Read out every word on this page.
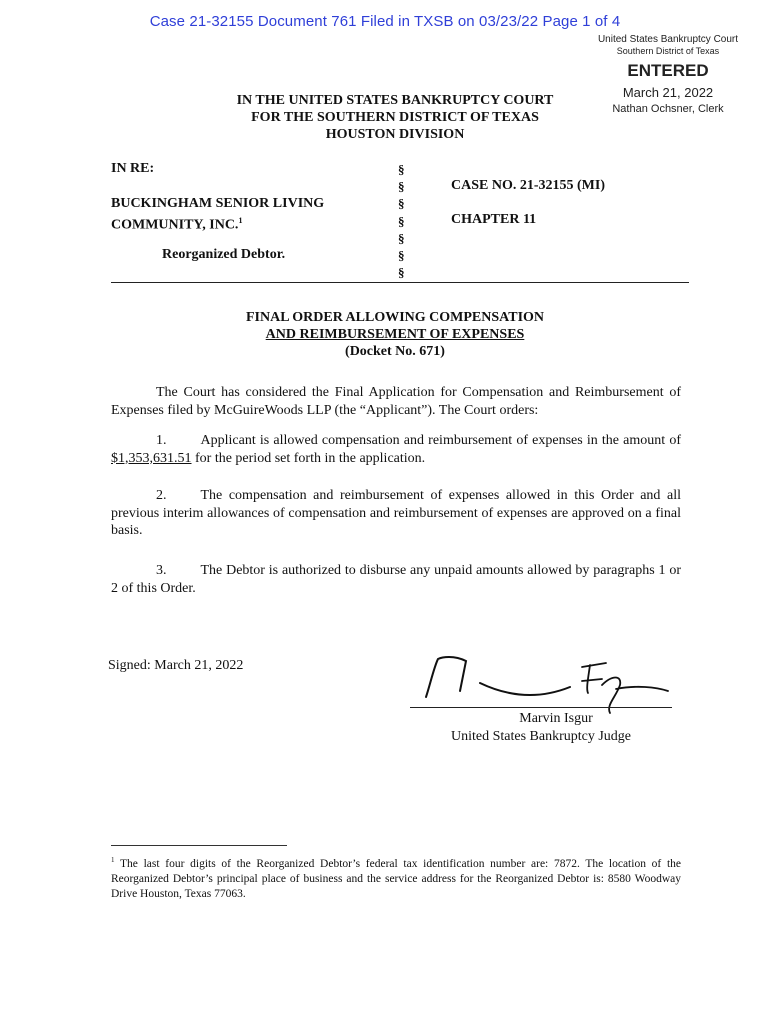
Case 21-32155 Document 761 Filed in TXSB on 03/23/22 Page 1 of 4
United States Bankruptcy Court
Southern District of Texas
ENTERED
March 21, 2022
Nathan Ochsner, Clerk
IN THE UNITED STATES BANKRUPTCY COURT
FOR THE SOUTHERN DISTRICT OF TEXAS
HOUSTON DIVISION
IN RE:
BUCKINGHAM SENIOR LIVING
COMMUNITY, INC.$^1$
Reorganized Debtor.
§
§
§
§
§
§
§
CASE NO. 21-32155 (MI)
CHAPTER 11
FINAL ORDER ALLOWING COMPENSATION
AND REIMBURSEMENT OF EXPENSES
(Docket No. 671)
The Court has considered the Final Application for Compensation and Reimbursement of Expenses filed by McGuireWoods LLP (the “Applicant”). The Court orders:
1. Applicant is allowed compensation and reimbursement of expenses in the amount of $1,353,631.51 for the period set forth in the application.
2. The compensation and reimbursement of expenses allowed in this Order and all previous interim allowances of compensation and reimbursement of expenses are approved on a final basis.
3. The Debtor is authorized to disburse any unpaid amounts allowed by paragraphs 1 or 2 of this Order.
Signed: March 21, 2022
Marvin Isgur
United States Bankruptcy Judge
$^1$ The last four digits of the Reorganized Debtor’s federal tax identification number are: 7872. The location of the Reorganized Debtor’s principal place of business and the service address for the Reorganized Debtor is: 8580 Woodway Drive Houston, Texas 77063.
